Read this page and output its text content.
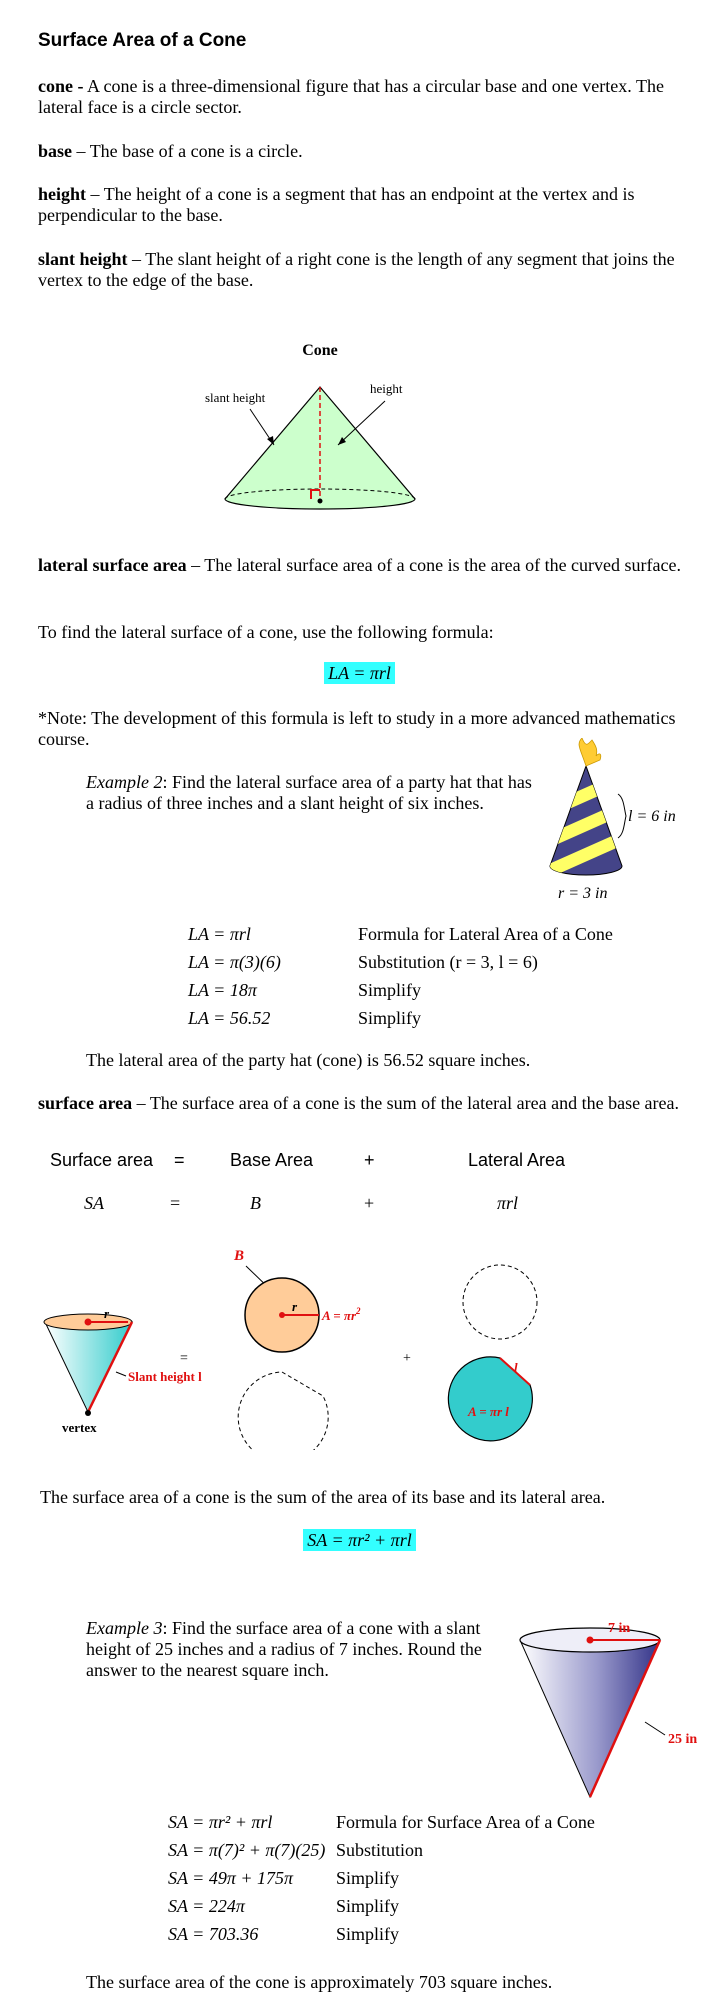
Surface Area of a Cone
cone - A cone is a three-dimensional figure that has a circular base and one vertex. The lateral face is a circle sector.
base – The base of a cone is a circle.
height – The height of a cone is a segment that has an endpoint at the vertex and is perpendicular to the base.
slant height – The slant height of a right cone is the length of any segment that joins the vertex to the edge of the base.
Cone
slant height
height
lateral surface area – The lateral surface area of a cone is the area of the curved surface.
To find the lateral surface of a cone, use the following formula:
LA = πrl
*Note: The development of this formula is left to study in a more advanced mathematics course.
Example 2: Find the lateral surface area of a party hat that has a radius of three inches and a slant height of six inches.
l = 6 in
r = 3 in
LA = πrl	Formula for Lateral Area of a Cone
LA = π(3)(6)	Substitution (r = 3, l = 6)
LA = 18π	Simplify
LA = 56.52	Simplify
The lateral area of the party hat (cone) is 56.52 square inches.
surface area – The surface area of a cone is the sum of the lateral area and the base area.
Surface area =	Base Area	+	Lateral Area
SA	=	B	+	πrl
r
Slant height l
vertex
=
B
r
$A = \pi r^2$
+
l
A = πr l
The surface area of a cone is the sum of the area of its base and its lateral area.
SA = πr² + πrl
Example 3: Find the surface area of a cone with a slant height of 25 inches and a radius of 7 inches. Round the answer to the nearest square inch.
7 in
25 in
SA = πr² + πrl	Formula for Surface Area of a Cone
SA = π(7)² + π(7)(25) Substitution
SA = 49π + 175π	Simplify
SA = 224π	Simplify
SA = 703.36	Simplify
The surface area of the cone is approximately 703 square inches.
